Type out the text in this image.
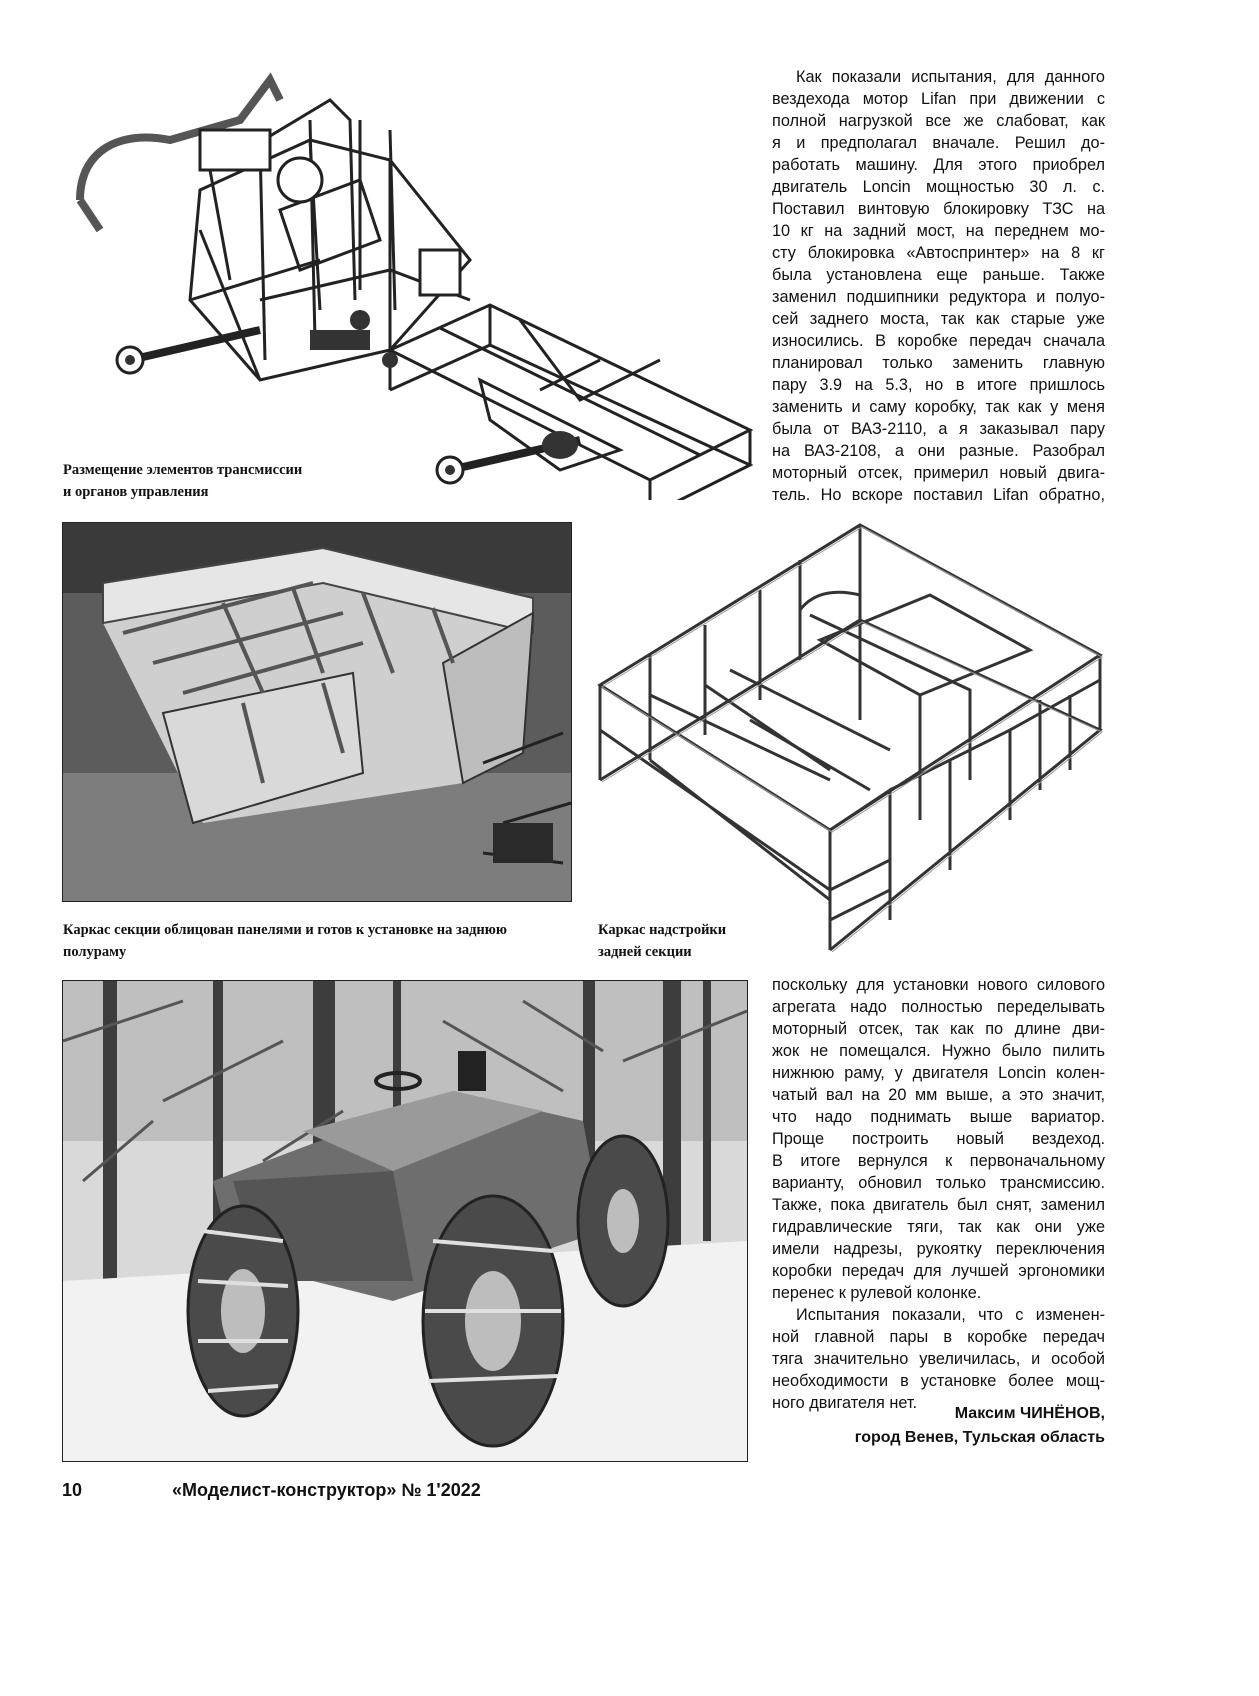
Размещение элементов трансмиссии
и органов управления
Как показали испытания, для данного
вездехода мотор Lifan при движении с
полной нагрузкой все же слабоват, как
я и предполагал вначале. Решил до-
работать машину. Для этого приобрел
двигатель Loncin мощностью 30 л. с.
Поставил винтовую блокировку ТЗС на
10 кг на задний мост, на переднем мо-
сту блокировка «Автоспринтер» на 8 кг
была установлена еще раньше. Также
заменил подшипники редуктора и полуо-
сей заднего моста, так как старые уже
износились. В коробке передач сначала
планировал только заменить главную
пару 3.9 на 5.3, но в итоге пришлось
заменить и саму коробку, так как у меня
была от ВАЗ-2110, а я заказывал пару
на ВАЗ-2108, а они разные. Разобрал
моторный отсек, примерил новый двига-
тель. Но вскоре поставил Lifan обратно,
Каркас секции облицован панелями и готов к установке на заднюю
полураму
Каркас надстройки
задней секции
поскольку для установки нового силового
агрегата надо полностью переделывать
моторный отсек, так как по длине дви-
жок не помещался. Нужно было пилить
нижнюю раму, у двигателя Loncin колен-
чатый вал на 20 мм выше, а это значит,
что надо поднимать выше вариатор.
Проще построить новый вездеход.
В итоге вернулся к первоначальному
варианту, обновил только трансмиссию.
Также, пока двигатель был снят, заменил
гидравлические тяги, так как они уже
имели надрезы, рукоятку переключения
коробки передач для лучшей эргономики
перенес к рулевой колонке.
Испытания показали, что с изменен-
ной главной пары в коробке передач
тяга значительно увеличилась, и особой
необходимости в установке более мощ-
ного двигателя нет.
Максим ЧИНЁНОВ,
город Венев, Тульская область
10	«Моделист-конструктор» № 1'2022
